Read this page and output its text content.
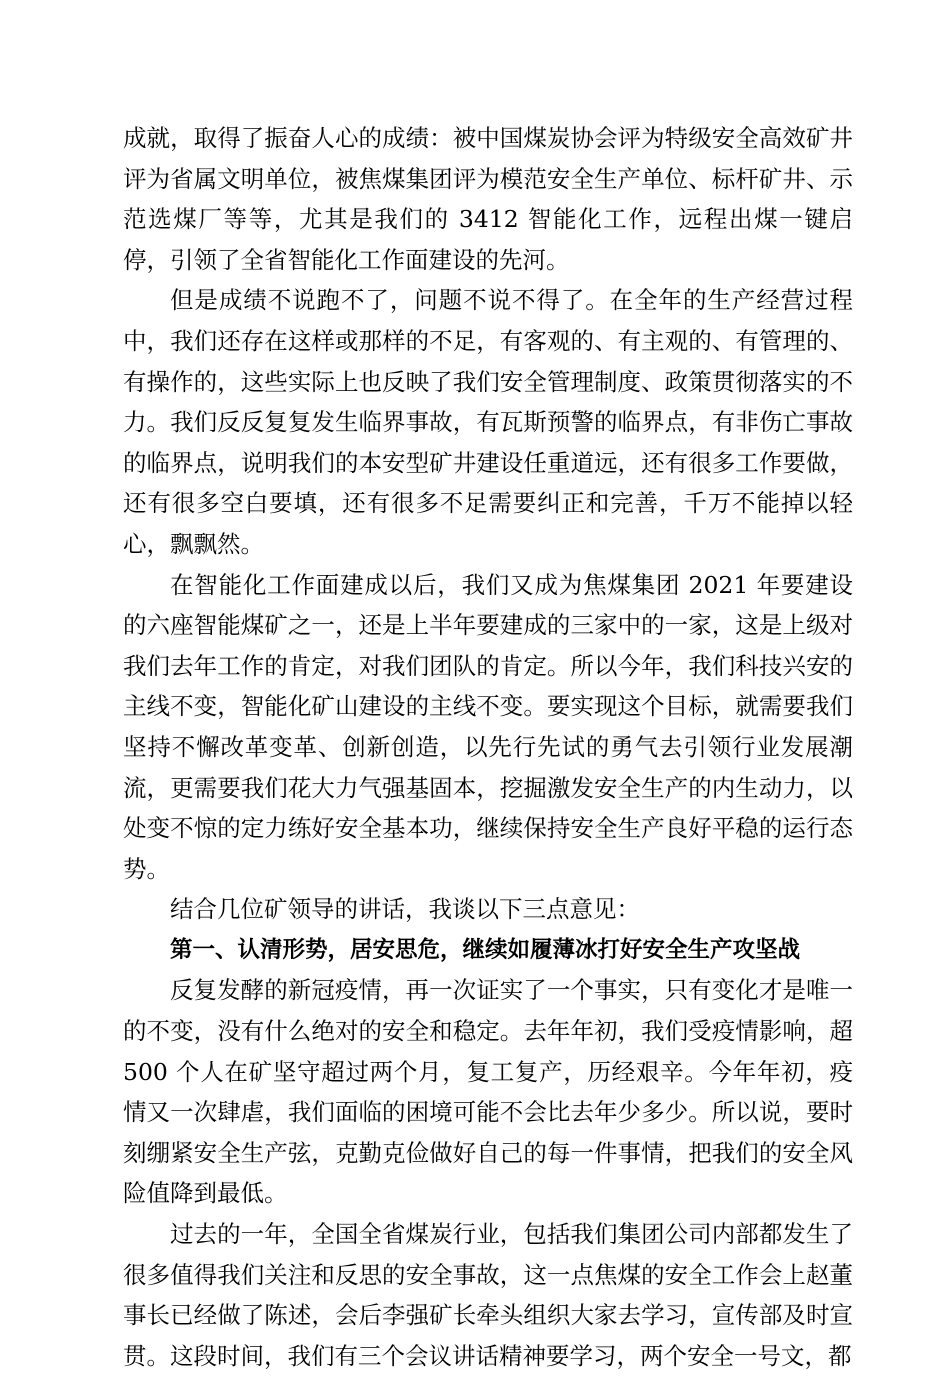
成就，取得了振奋人心的成绩：被中国煤炭协会评为特级安全高效矿井评为省属文明单位，被焦煤集团评为模范安全生产单位、标杆矿井、示范选煤厂等等，尤其是我们的 3412 智能化工作，远程出煤一键启停，引领了全省智能化工作面建设的先河。

但是成绩不说跑不了，问题不说不得了。在全年的生产经营过程中，我们还存在这样或那样的不足，有客观的、有主观的、有管理的、有操作的，这些实际上也反映了我们安全管理制度、政策贯彻落实的不力。我们反反复复发生临界事故，有瓦斯预警的临界点，有非伤亡事故的临界点，说明我们的本安型矿井建设任重道远，还有很多工作要做，还有很多空白要填，还有很多不足需要纠正和完善，千万不能掉以轻心，飘飘然。

在智能化工作面建成以后，我们又成为焦煤集团 2021 年要建设的六座智能煤矿之一，还是上半年要建成的三家中的一家，这是上级对我们去年工作的肯定，对我们团队的肯定。所以今年，我们科技兴安的主线不变，智能化矿山建设的主线不变。要实现这个目标，就需要我们坚持不懈改革变革、创新创造，以先行先试的勇气去引领行业发展潮流，更需要我们花大力气强基固本，挖掘激发安全生产的内生动力，以处变不惊的定力练好安全基本功，继续保持安全生产良好平稳的运行态势。

结合几位矿领导的讲话，我谈以下三点意见：

第一、认清形势，居安思危，继续如履薄冰打好安全生产攻坚战

反复发酵的新冠疫情，再一次证实了一个事实，只有变化才是唯一的不变，没有什么绝对的安全和稳定。去年年初，我们受疫情影响，超 500 个人在矿坚守超过两个月，复工复产，历经艰辛。今年年初，疫情又一次肆虐，我们面临的困境可能不会比去年少多少。所以说，要时刻绷紧安全生产弦，克勤克俭做好自己的每一件事情，把我们的安全风险值降到最低。

过去的一年，全国全省煤炭行业，包括我们集团公司内部都发生了很多值得我们关注和反思的安全事故，这一点焦煤的安全工作会上赵董事长已经做了陈述，会后李强矿长牵头组织大家去学习，宣传部及时宣贯。这段时间，我们有三个会议讲话精神要学习，两个安全一号文，都
